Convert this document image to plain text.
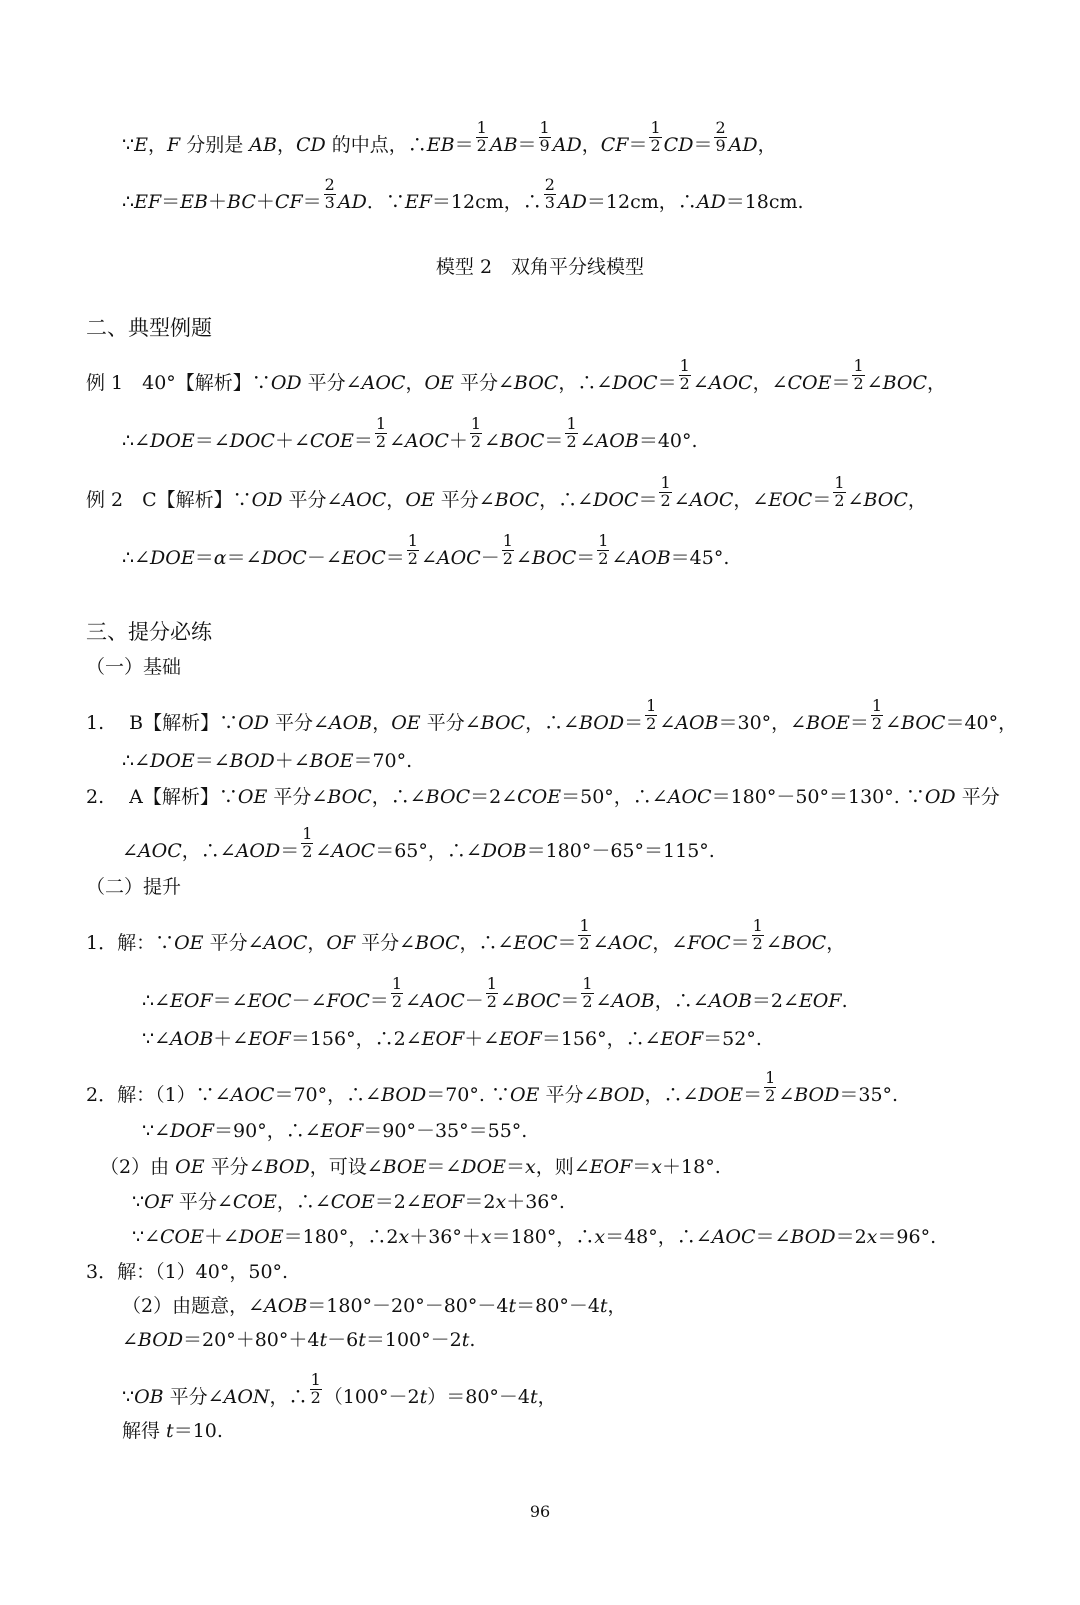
∵E，F 分别是 AB，CD 的中点，∴EB＝ $\frac{1}{2} AB= \frac{1}{9}$ AD，$CF= \frac{1}{2} CD= \frac{2}{9}$ AD，
∴EF＝EB＋BC＋CF＝ $\frac{2}{3}$ AD．∵EF＝12cm，∴ $\frac{2}{3} AD=12cm$，∴AD＝18cm.
模型 2　双角平分线模型
二、典型例题
例 1　40°【解析】∵OD 平分∠AOC，OE 平分∠BOC，∴∠DOC＝ $\frac{1}{2}$ ∠AOC，∠COE＝ $\frac{1}{2}$ ∠BOC，
∴∠DOE＝∠DOC＋∠COE＝ $\frac{1}{2}$ ∠AOC＋ $\frac{1}{2}$ ∠BOC＝ $\frac{1}{2}$ ∠AOB＝40°.
例 2　C【解析】∵OD 平分∠AOC，OE 平分∠BOC，∴∠DOC＝ $\frac{1}{2}$ ∠AOC，∠EOC＝ $\frac{1}{2}$ ∠BOC，
∴∠DOE＝α＝∠DOC－∠EOC＝ $\frac{1}{2}$ ∠AOC－ $\frac{1}{2}$ ∠BOC＝ $\frac{1}{2}$ ∠AOB＝45°.
三、提分必练
（一）基础
1.　 B【解析】∵OD 平分∠AOB，OE 平分∠BOC，∴∠BOD＝ $\frac{1}{2}$ ∠AOB＝30°，∠BOE＝ $\frac{1}{2}$ ∠BOC＝40°，
∴∠DOE＝∠BOD＋∠BOE＝70°.
2.　 A【解析】∵OE 平分∠BOC，∴∠BOC＝2∠COE＝50°，∴∠AOC＝180°－50°＝130°. ∵OD 平分
∠AOC，∴∠AOD＝ $\frac{1}{2}$ ∠AOC＝65°，∴∠DOB＝180°－65°＝115°.
（二）提升
1．解：∵OE 平分∠AOC，OF 平分∠BOC，∴∠EOC＝ $\frac{1}{2}$ ∠AOC，∠FOC＝ $\frac{1}{2}$ ∠BOC，
∴∠EOF＝∠EOC－∠FOC＝ $\frac{1}{2}$ ∠AOC－ $\frac{1}{2}$ ∠BOC＝ $\frac{1}{2}$ ∠AOB，∴∠AOB＝2∠EOF.
∵∠AOB＋∠EOF＝156°，∴2∠EOF＋∠EOF＝156°，∴∠EOF＝52°.
2．解：（1）∵∠AOC＝70°，∴∠BOD＝70°. ∵OE 平分∠BOD，∴∠DOE＝ $\frac{1}{2}$ ∠BOD＝35°.
∵∠DOF＝90°，∴∠EOF＝90°－35°＝55°.
（2）由 OE 平分∠BOD，可设∠BOE＝∠DOE＝x，则∠EOF＝x＋18°.
∵OF 平分∠COE，∴∠COE＝2∠EOF＝2x＋36°.
∵∠COE＋∠DOE＝180°，∴2x＋36°＋x＝180°，∴x＝48°，∴∠AOC＝∠BOD＝2x＝96°.
3．解：（1）40°，50°.
（2）由题意，∠AOB＝180°－20°－80°－4t＝80°－4t，
∠BOD＝20°＋80°＋4t－6t＝100°－2t.
∵OB 平分∠AON，∴ $\frac{1}{2} (100^\circ-2t)=80^\circ-4t$，
解得 t＝10.
96
